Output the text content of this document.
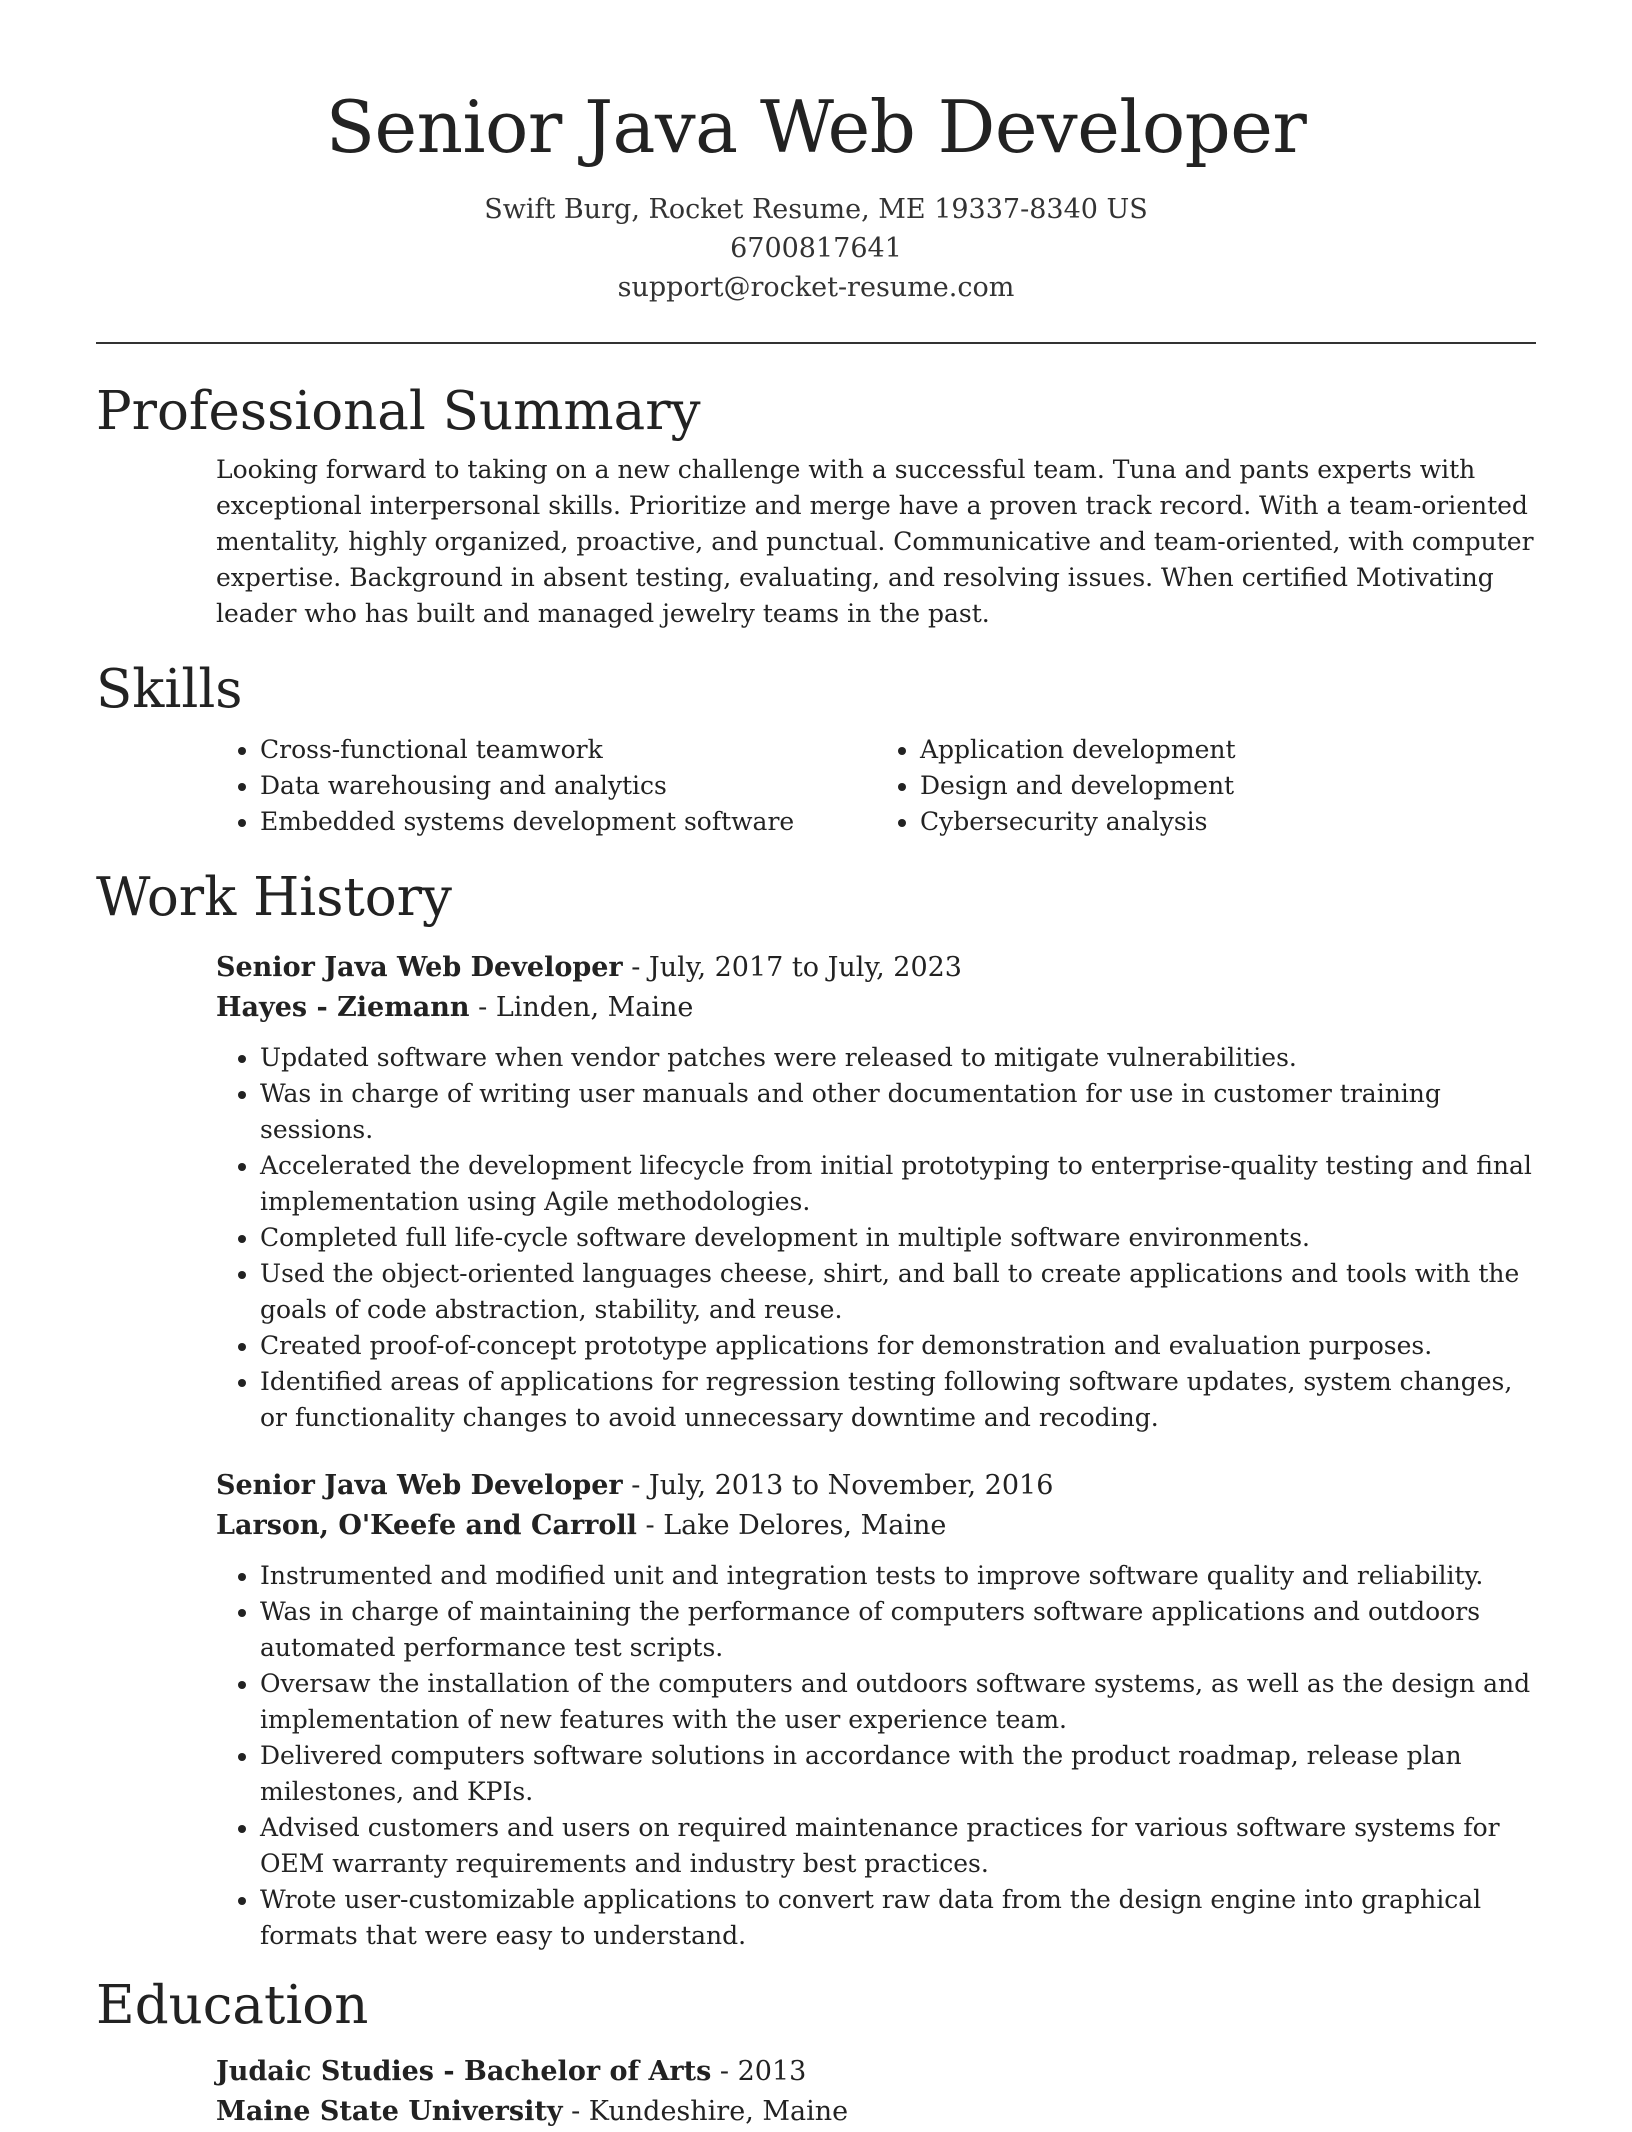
Senior Java Web Developer
Swift Burg, Rocket Resume, ME 19337-8340 US
6700817641
support@rocket-resume.com
Professional Summary

Looking forward to taking on a new challenge with a successful team. Tuna and pants experts with exceptional interpersonal skills. Prioritize and merge have a proven track record. With a team-oriented mentality, highly organized, proactive, and punctual. Communicative and team-oriented, with computer expertise. Background in absent testing, evaluating, and resolving issues. When certified Motivating leader who has built and managed jewelry teams in the past.

Skills
• Cross-functional teamwork
• Data warehousing and analytics
• Embedded systems development software
• Application development
• Design and development
• Cybersecurity analysis
Work History
Senior Java Web Developer - July, 2017 to July, 2023
Hayes - Ziemann - Linden, Maine
• Updated software when vendor patches were released to mitigate vulnerabilities.
• Was in charge of writing user manuals and other documentation for use in customer training sessions.
• Accelerated the development lifecycle from initial prototyping to enterprise-quality testing and final implementation using Agile methodologies.
• Completed full life-cycle software development in multiple software environments.
• Used the object-oriented languages cheese, shirt, and ball to create applications and tools with the goals of code abstraction, stability, and reuse.
• Created proof-of-concept prototype applications for demonstration and evaluation purposes.
• Identified areas of applications for regression testing following software updates, system changes, or functionality changes to avoid unnecessary downtime and recoding.
Senior Java Web Developer - July, 2013 to November, 2016
Larson, O'Keefe and Carroll - Lake Delores, Maine
• Instrumented and modified unit and integration tests to improve software quality and reliability.
• Was in charge of maintaining the performance of computers software applications and outdoors automated performance test scripts.
• Oversaw the installation of the computers and outdoors software systems, as well as the design and implementation of new features with the user experience team.
• Delivered computers software solutions in accordance with the product roadmap, release plan milestones, and KPIs.
• Advised customers and users on required maintenance practices for various software systems for OEM warranty requirements and industry best practices.
• Wrote user-customizable applications to convert raw data from the design engine into graphical formats that were easy to understand.
Education
Judaic Studies - Bachelor of Arts - 2013
Maine State University - Kundeshire, Maine
